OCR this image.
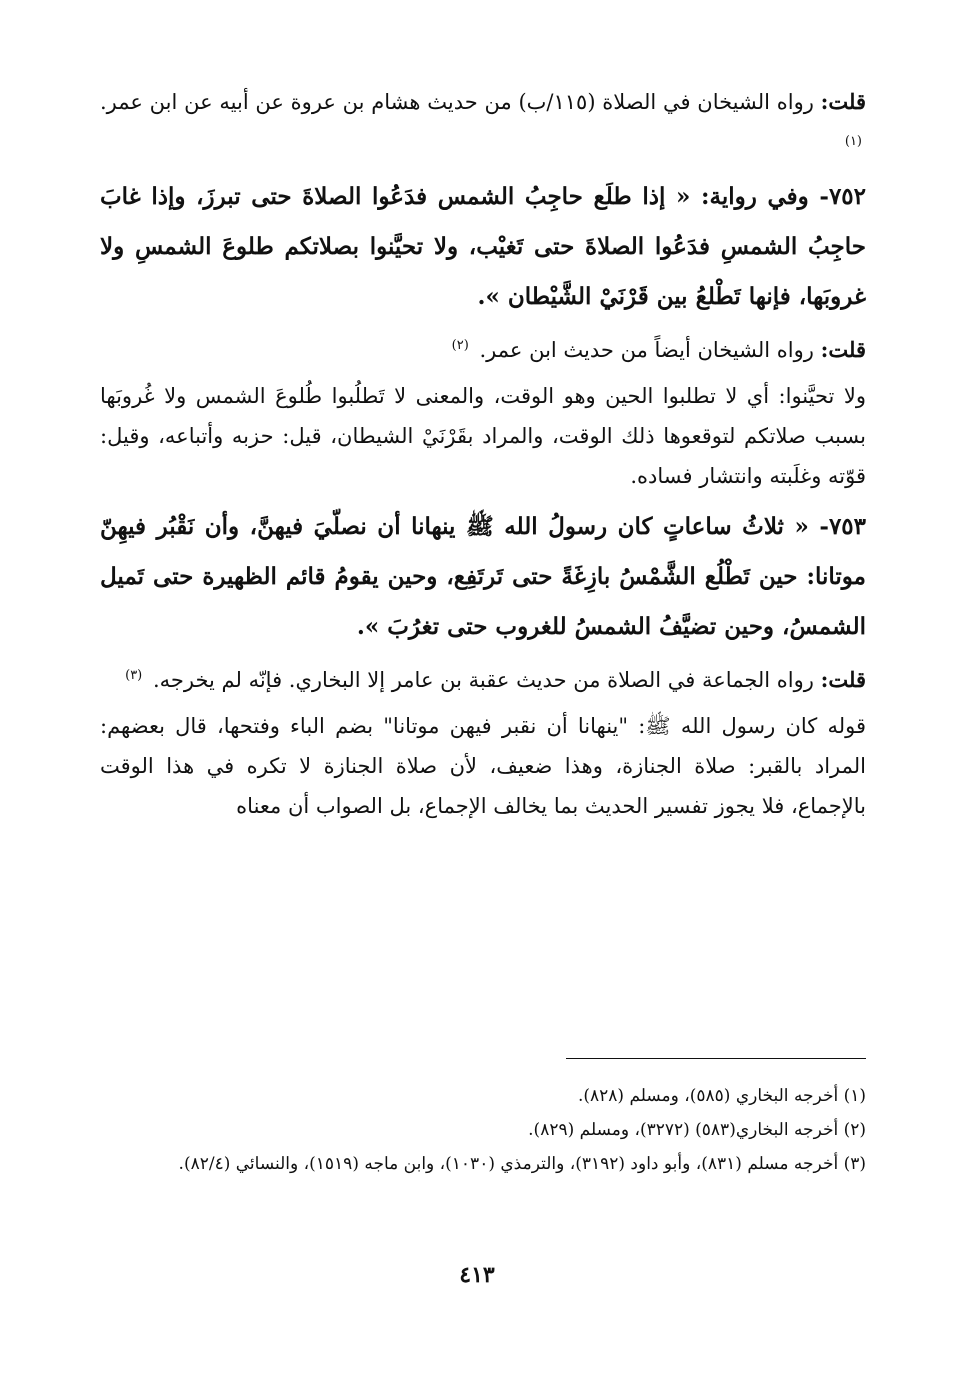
قلت: رواه الشيخان في الصلاة (١١٥/ب) من حديث هشام بن عروة عن أبيه عن ابن عمر. $^{(١)}$

٧٥٢- وفي رواية: « إذا طلَع حاجِبُ الشمس فدَعُوا الصلاةَ حتى تبرزَ، وإذا غابَ حاجِبُ الشمسِ فدَعُوا الصلاةَ حتى تَغيْب، ولا تحيَّنوا بصلاتكم طلوعَ الشمسِ ولا غروبَها، فإنها تَطْلعُ بين قَرْنَيْ الشَّيْطان ».

قلت: رواه الشيخان أيضاً من حديث ابن عمر. $^{(٢)}$

ولا تحيَّنوا: أي لا تطلبوا الحين وهو الوقت، والمعنى لا تَطلُبوا طُلوعَ الشمس ولا غُروبَها بسبب صلاتكم لتوقعوها ذلك الوقت، والمراد بقَرْنَيْ الشيطان، قيل: حزبه وأتباعه، وقيل: قوّته وغلَبته وانتشار فساده.

٧٥٣- « ثلاثُ ساعاتٍ كان رسولُ الله ﷺ ينهانا أن نصلّيَ فيهنَّ، وأن نَقْبُر فيهِنّ موتانا: حين تَطْلُع الشَّمْسُ بازِغَةً حتى تَرتَفِع، وحين يقومُ قائم الظهيرة حتى تَميل الشمسُ، وحين تضيَّفُ الشمسُ للغروب حتى تغرُبَ ».

قلت: رواه الجماعة في الصلاة من حديث عقبة بن عامر إلا البخاري. فإنّه لم يخرجه. $^{(٣)}$

قوله كان رسول الله ﷺ: "ينهانا أن نقبر فيهن موتانا" بضم الباء وفتحها، قال بعضهم: المراد بالقبر: صلاة الجنازة، وهذا ضعيف، لأن صلاة الجنازة لا تكره في هذا الوقت بالإجماع، فلا يجوز تفسير الحديث بما يخالف الإجماع، بل الصواب أن معناه

(١) أخرجه البخاري (٥٨٥)، ومسلم (٨٢٨).
(٢) أخرجه البخاري(٥٨٣) (٣٢٧٢)، ومسلم (٨٢٩).
(٣) أخرجه مسلم (٨٣١)، وأبو داود (٣١٩٢)، والترمذي (١٠٣٠)، وابن ماجه (١٥١٩)، والنسائي (٨٢/٤).
٤١٣
